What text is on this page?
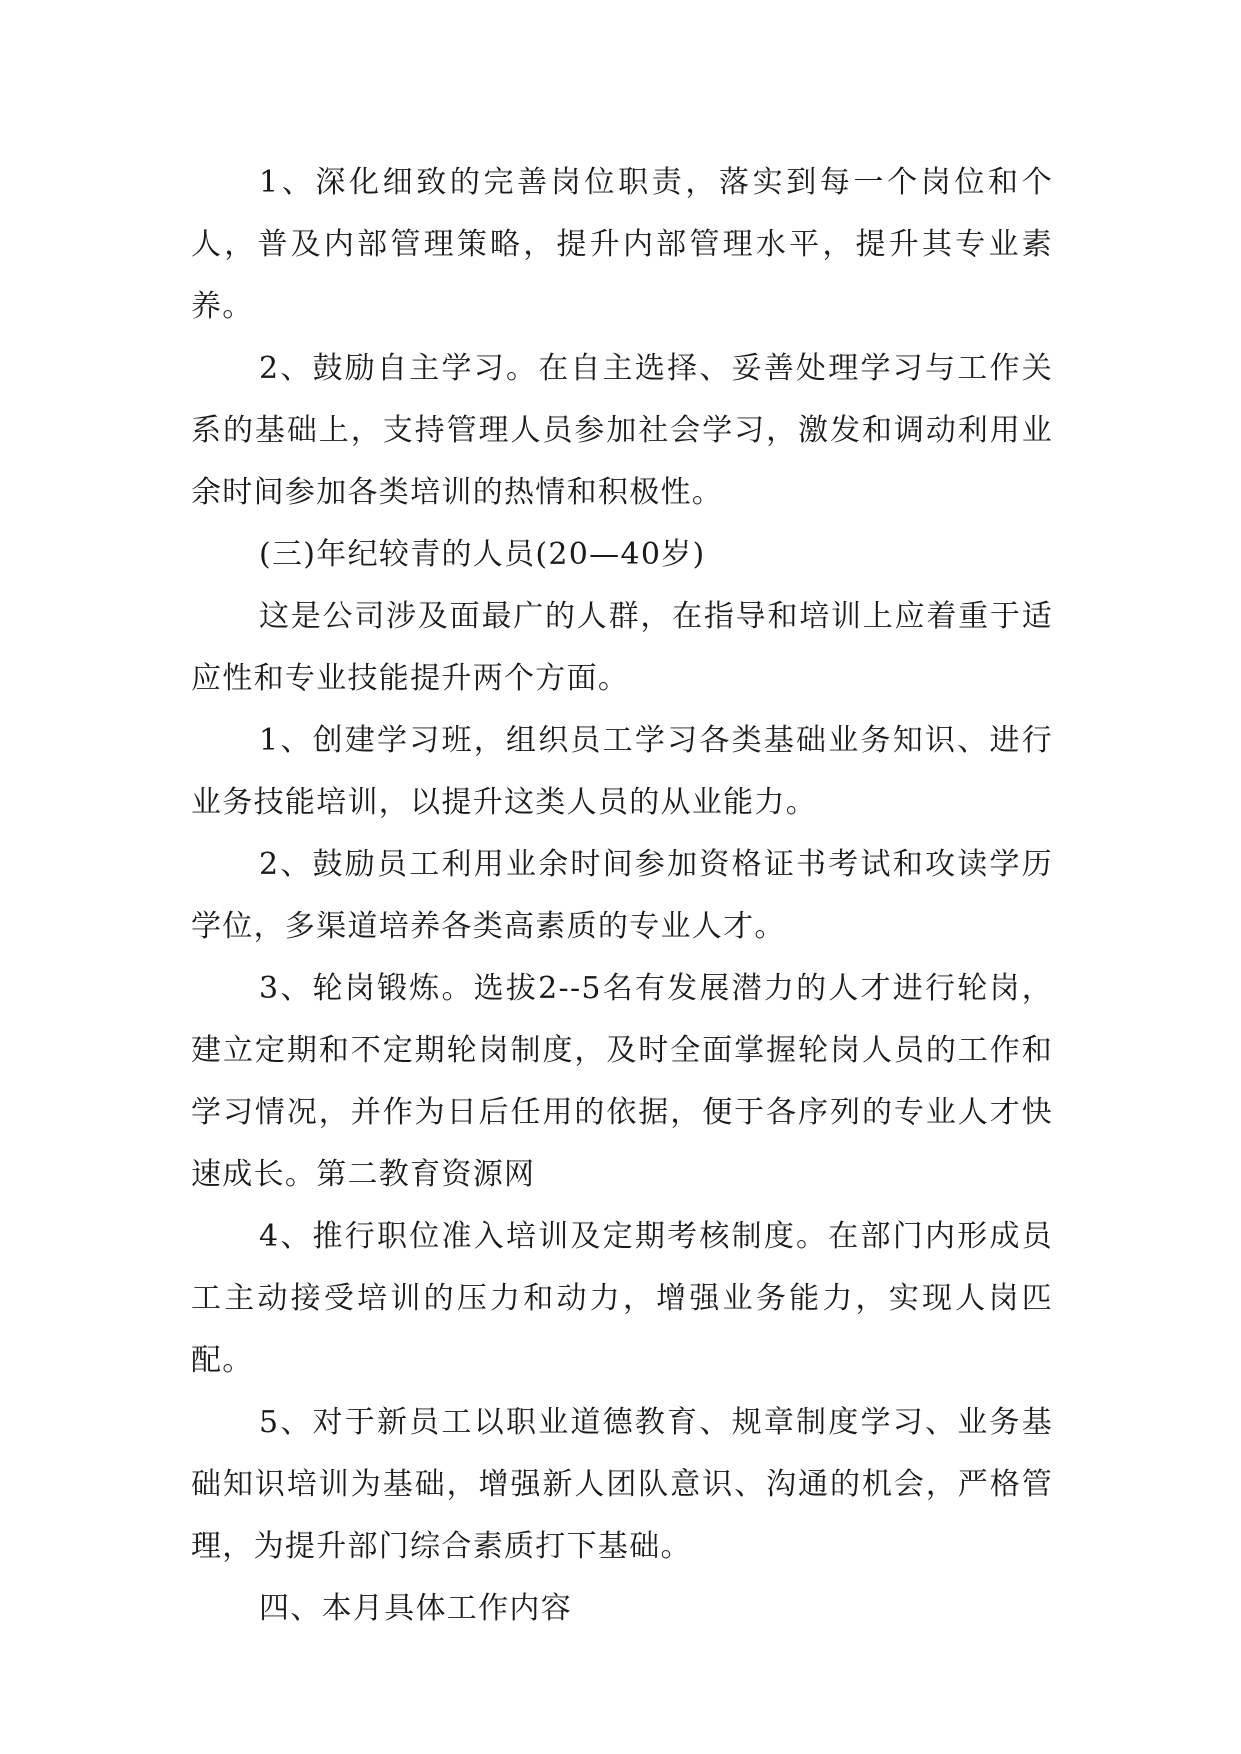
1、深化细致的完善岗位职责，落实到每一个岗位和个人，普及内部管理策略，提升内部管理水平，提升其专业素养。

2、鼓励自主学习。在自主选择、妥善处理学习与工作关系的基础上，支持管理人员参加社会学习，激发和调动利用业余时间参加各类培训的热情和积极性。

(三)年纪较青的人员(20—40岁)

这是公司涉及面最广的人群，在指导和培训上应着重于适应性和专业技能提升两个方面。

1、创建学习班，组织员工学习各类基础业务知识、进行业务技能培训，以提升这类人员的从业能力。

2、鼓励员工利用业余时间参加资格证书考试和攻读学历学位，多渠道培养各类高素质的专业人才。

3、轮岗锻炼。选拔2--5名有发展潜力的人才进行轮岗，建立定期和不定期轮岗制度，及时全面掌握轮岗人员的工作和学习情况，并作为日后任用的依据，便于各序列的专业人才快速成长。第二教育资源网

4、推行职位准入培训及定期考核制度。在部门内形成员工主动接受培训的压力和动力，增强业务能力，实现人岗匹配。

5、对于新员工以职业道德教育、规章制度学习、业务基础知识培训为基础，增强新人团队意识、沟通的机会，严格管理，为提升部门综合素质打下基础。

四、本月具体工作内容
